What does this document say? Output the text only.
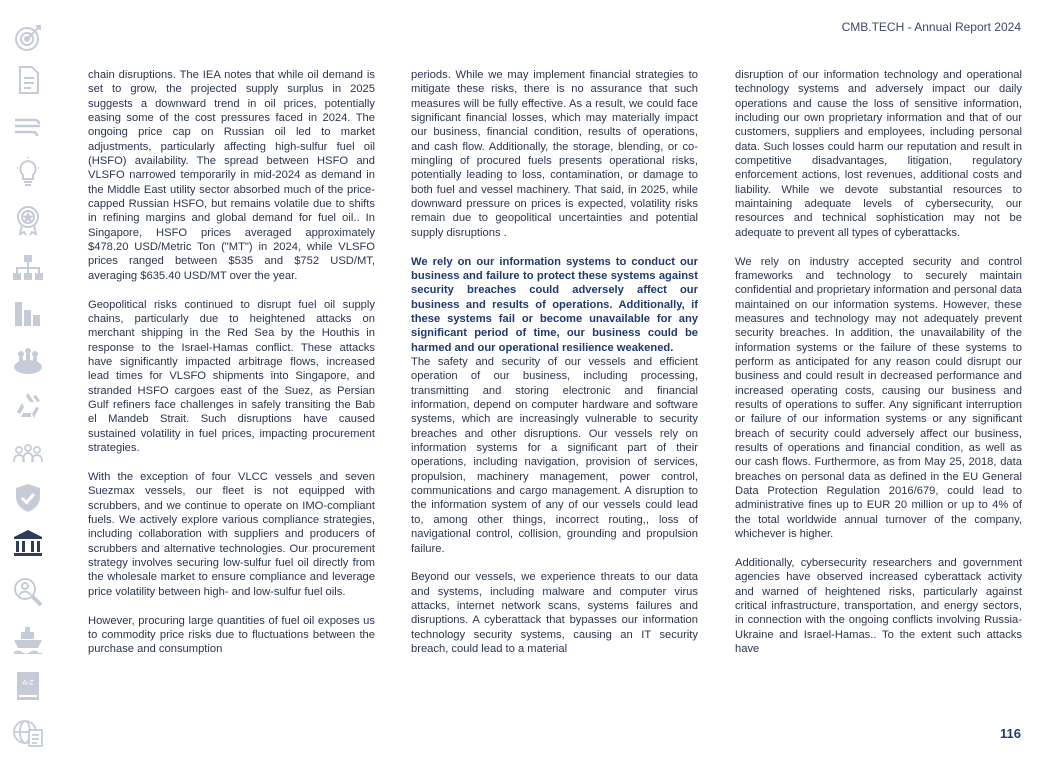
CMB.TECH - Annual Report 2024
A-Z

chain disruptions. The IEA notes that while oil demand is set to grow, the projected supply surplus in 2025 suggests a downward trend in oil prices, potentially easing some of the cost pressures faced in 2024. The ongoing price cap on Russian oil led to market adjustments, particularly affecting high-sulfur fuel oil (HSFO) availability. The spread between HSFO and VLSFO narrowed temporarily in mid-2024 as demand in the Middle East utility sector absorbed much of the price-capped Russian HSFO, but remains volatile due to shifts in refining margins and global demand for fuel oil.. In Singapore, HSFO prices averaged approximately $478.20 USD/Metric Ton ("MT") in 2024, while VLSFO prices ranged between $535 and $752 USD/MT, averaging $635.40 USD/MT over the year.

Geopolitical risks continued to disrupt fuel oil supply chains, particularly due to heightened attacks on merchant shipping in the Red Sea by the Houthis in response to the Israel-Hamas conflict. These attacks have significantly impacted arbitrage flows, increased lead times for VLSFO shipments into Singapore, and stranded HSFO cargoes east of the Suez, as Persian Gulf refiners face challenges in safely transiting the Bab el Mandeb Strait. Such disruptions have caused sustained volatility in fuel prices, impacting procurement strategies.

With the exception of four VLCC vessels and seven Suezmax vessels, our fleet is not equipped with scrubbers, and we continue to operate on IMO-compliant fuels. We actively explore various compliance strategies, including collaboration with suppliers and producers of scrubbers and alternative technologies. Our procurement strategy involves securing low-sulfur fuel oil directly from the wholesale market to ensure compliance and leverage price volatility between high- and low-sulfur fuel oils.

However, procuring large quantities of fuel oil exposes us to commodity price risks due to fluctuations between the purchase and consumption

periods. While we may implement financial strategies to mitigate these risks, there is no assurance that such measures will be fully effective. As a result, we could face significant financial losses, which may materially impact our business, financial condition, results of operations, and cash flow. Additionally, the storage, blending, or co-mingling of procured fuels presents operational risks, potentially leading to loss, contamination, or damage to both fuel and vessel machinery. That said, in 2025, while downward pressure on prices is expected, volatility risks remain due to geopolitical uncertainties and potential supply disruptions .

We rely on our information systems to conduct our business and failure to protect these systems against security breaches could adversely affect our business and results of operations. Additionally, if these systems fail or become unavailable for any significant period of time, our business could be harmed and our operational resilience weakened.

The safety and security of our vessels and efficient operation of our business, including processing, transmitting and storing electronic and financial information, depend on computer hardware and software systems, which are increasingly vulnerable to security breaches and other disruptions. Our vessels rely on information systems for a significant part of their operations, including navigation, provision of services, propulsion, machinery management, power control, communications and cargo management. A disruption to the information system of any of our vessels could lead to, among other things, incorrect routing,, loss of navigational control, collision, grounding and propulsion failure.

Beyond our vessels, we experience threats to our data and systems, including malware and computer virus attacks, internet network scans, systems failures and disruptions. A cyberattack that bypasses our information technology security systems, causing an IT security breach, could lead to a material

disruption of our information technology and operational technology systems and adversely impact our daily operations and cause the loss of sensitive information, including our own proprietary information and that of our customers, suppliers and employees, including personal data. Such losses could harm our reputation and result in competitive disadvantages, litigation, regulatory enforcement actions, lost revenues, additional costs and liability. While we devote substantial resources to maintaining adequate levels of cybersecurity, our resources and technical sophistication may not be adequate to prevent all types of cyberattacks.

We rely on industry accepted security and control frameworks and technology to securely maintain confidential and proprietary information and personal data maintained on our information systems. However, these measures and technology may not adequately prevent security breaches. In addition, the unavailability of the information systems or the failure of these systems to perform as anticipated for any reason could disrupt our business and could result in decreased performance and increased operating costs, causing our business and results of operations to suffer. Any significant interruption or failure of our information systems or any significant breach of security could adversely affect our business, results of operations and financial condition, as well as our cash flows. Furthermore, as from May 25, 2018, data breaches on personal data as defined in the EU General Data Protection Regulation 2016/679, could lead to administrative fines up to EUR 20 million or up to 4% of the total worldwide annual turnover of the company, whichever is higher.

Additionally, cybersecurity researchers and government agencies have observed increased cyberattack activity and warned of heightened risks, particularly against critical infrastructure, transportation, and energy sectors, in connection with the ongoing conflicts involving Russia-Ukraine and Israel-Hamas.. To the extent such attacks have

116
